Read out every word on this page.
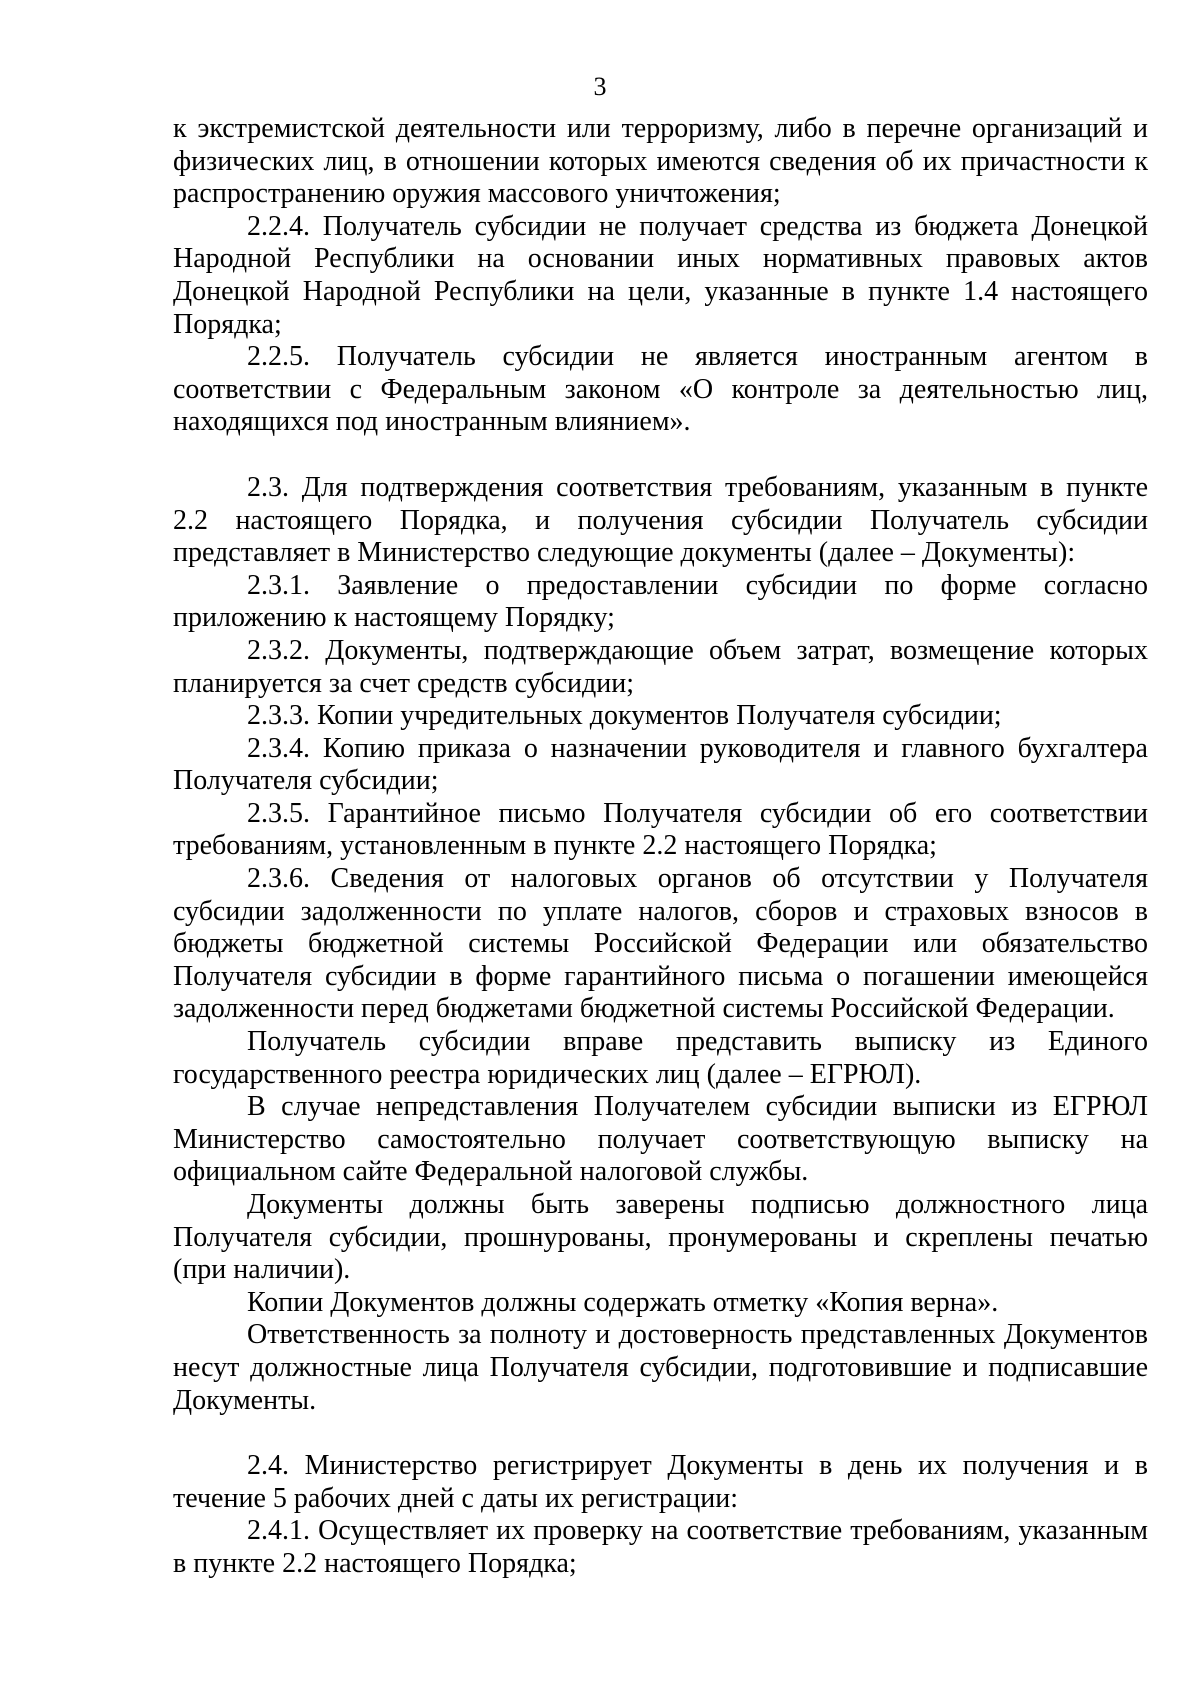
3

к экстремистской деятельности или терроризму, либо в перечне организаций и физических лиц, в отношении которых имеются сведения об их причастности к распространению оружия массового уничтожения;

2.2.4. Получатель субсидии не получает средства из бюджета Донецкой Народной Республики на основании иных нормативных правовых актов Донецкой Народной Республики на цели, указанные в пункте 1.4 настоящего Порядка;

2.2.5. Получатель субсидии не является иностранным агентом в соответствии с Федеральным законом «О контроле за деятельностью лиц, находящихся под иностранным влиянием».

2.3. Для подтверждения соответствия требованиям, указанным в пункте 2.2 настоящего Порядка, и получения субсидии Получатель субсидии представляет в Министерство следующие документы (далее – Документы):

2.3.1. Заявление о предоставлении субсидии по форме согласно приложению к настоящему Порядку;

2.3.2. Документы, подтверждающие объем затрат, возмещение которых планируется за счет средств субсидии;

2.3.3. Копии учредительных документов Получателя субсидии;

2.3.4. Копию приказа о назначении руководителя и главного бухгалтера Получателя субсидии;

2.3.5. Гарантийное письмо Получателя субсидии об его соответствии требованиям, установленным в пункте 2.2 настоящего Порядка;

2.3.6. Сведения от налоговых органов об отсутствии у Получателя субсидии задолженности по уплате налогов, сборов и страховых взносов в бюджеты бюджетной системы Российской Федерации или обязательство Получателя субсидии в форме гарантийного письма о погашении имеющейся задолженности перед бюджетами бюджетной системы Российской Федерации.

Получатель субсидии вправе представить выписку из Единого государственного реестра юридических лиц (далее – ЕГРЮЛ).

В случае непредставления Получателем субсидии выписки из ЕГРЮЛ Министерство самостоятельно получает соответствующую выписку на официальном сайте Федеральной налоговой службы.

Документы должны быть заверены подписью должностного лица Получателя субсидии, прошнурованы, пронумерованы и скреплены печатью (при наличии).

Копии Документов должны содержать отметку «Копия верна».

Ответственность за полноту и достоверность представленных Документов несут должностные лица Получателя субсидии, подготовившие и подписавшие Документы.

2.4. Министерство регистрирует Документы в день их получения и в течение 5 рабочих дней с даты их регистрации:

2.4.1. Осуществляет их проверку на соответствие требованиям, указанным в пункте 2.2 настоящего Порядка;
